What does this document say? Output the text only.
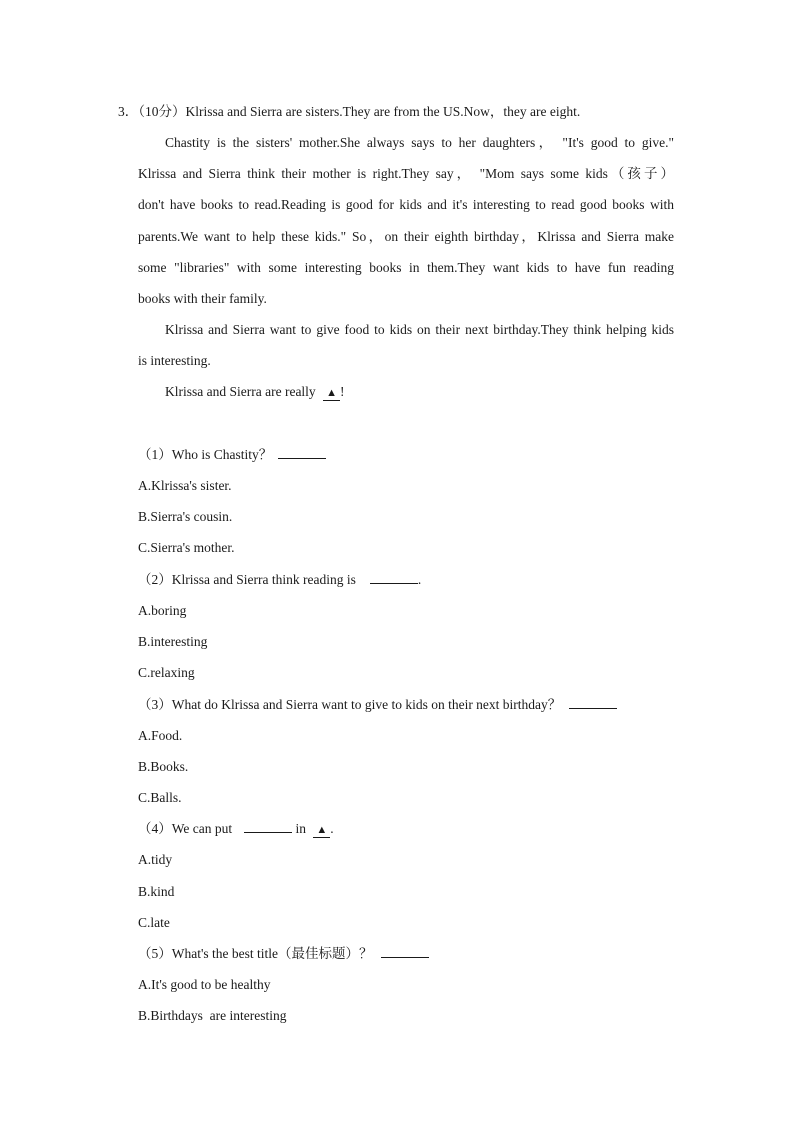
3．（10分）Klrissa and Sierra are sisters.They are from the US.Now，they are eight.
Chastity is the sisters' mother.She always says to her daughters， "It's good to give."
Klrissa and Sierra think their mother is right.They say， "Mom says some kids（孩子）
don't have books to read.Reading is good for kids and it's interesting to read good books with
parents.We want to help these kids." So，on their eighth birthday，Klrissa and Sierra make
some "libraries" with some interesting books in them.They want kids to have fun reading
books with their family.
Klrissa and Sierra want to give food to kids on their next birthday.They think helping kids
is interesting.
Klrissa and Sierra are really ▲ !
（1）Who is Chastity？
A.Klrissa's sister.
B.Sierra's cousin.
C.Sierra's mother.
（2）Klrissa and Sierra think reading is	.
A.boring
B.interesting
C.relaxing
（3）What do Klrissa and Sierra want to give to kids on their next birthday？
A.Food.
B.Books.
C.Balls.
（4）We can put	in ▲ .
A.tidy
B.kind
C.late
（5）What's the best title（最佳标题）？
A.It's good to be healthy
B.Birthdays  are interesting
